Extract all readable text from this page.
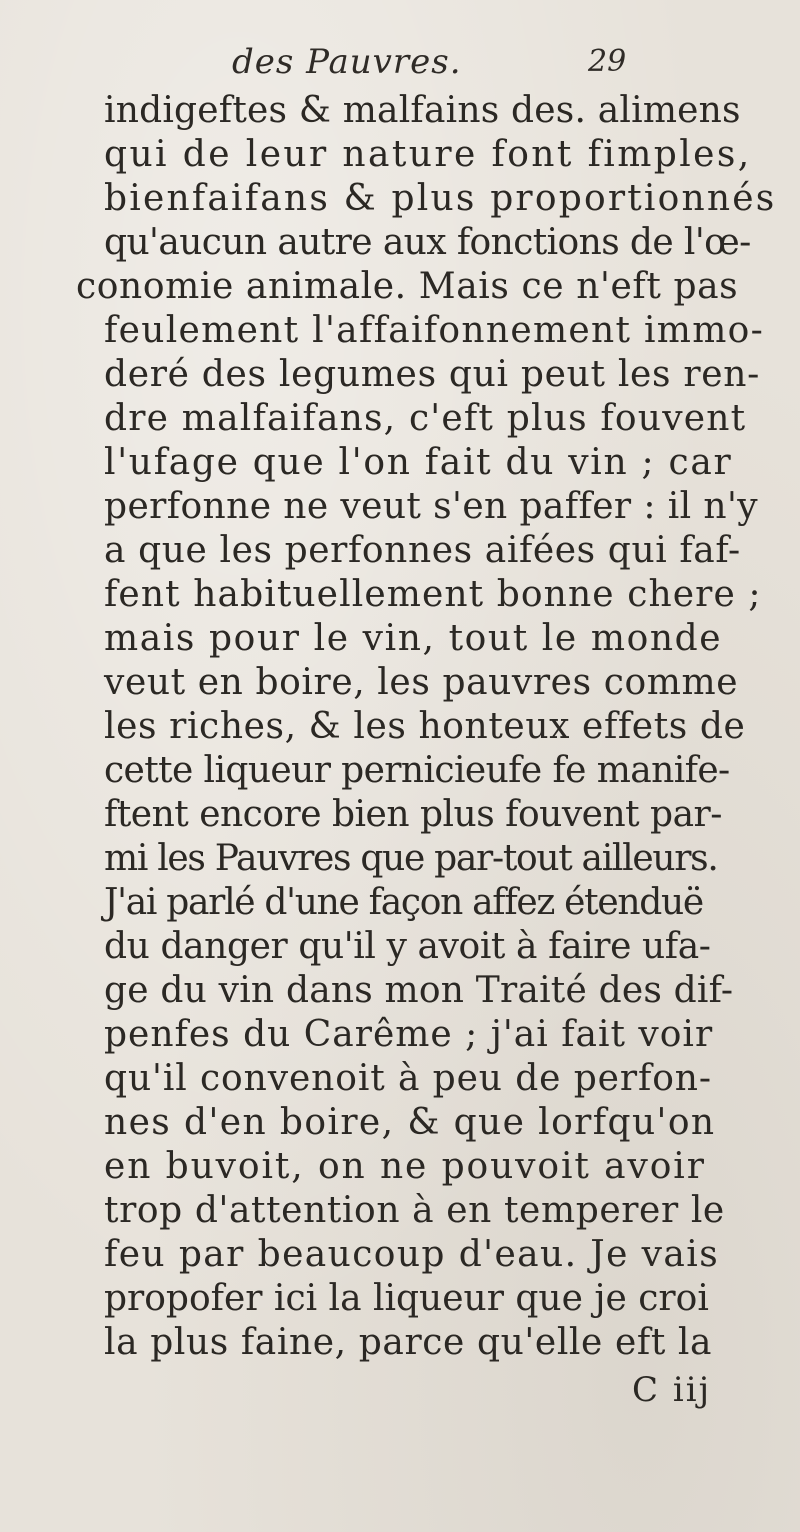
des Pauvres.	29
indigeftes & malfains des. alimens
qui de leur nature font fimples,
bienfaifans & plus proportionnés
qu'aucun autre aux fonctions de l'œ-
conomie animale. Mais ce n'eft pas
feulement l'affaifonnement immo-
deré des legumes qui peut les ren-
dre malfaifans, c'eft plus fouvent
l'ufage que l'on fait du vin ; car
perfonne ne veut s'en paffer : il n'y
a que les perfonnes aifées qui faf-
fent habituellement bonne chere ;
mais pour le vin, tout le monde
veut en boire, les pauvres comme
les riches, & les honteux effets de
cette liqueur pernicieufe fe manife-
ftent encore bien plus fouvent par-
mi les Pauvres que par-tout ailleurs.
J'ai parlé d'une façon affez étenduë
du danger qu'il y avoit à faire ufa-
ge du vin dans mon Traité des dif-
penfes du Carême ; j'ai fait voir
qu'il convenoit à peu de perfon-
nes d'en boire, & que lorfqu'on
en buvoit, on ne pouvoit avoir
trop d'attention à en temperer le
feu par beaucoup d'eau. Je vais
propofer ici la liqueur que je croi
la plus faine, parce qu'elle eft la
C iij
